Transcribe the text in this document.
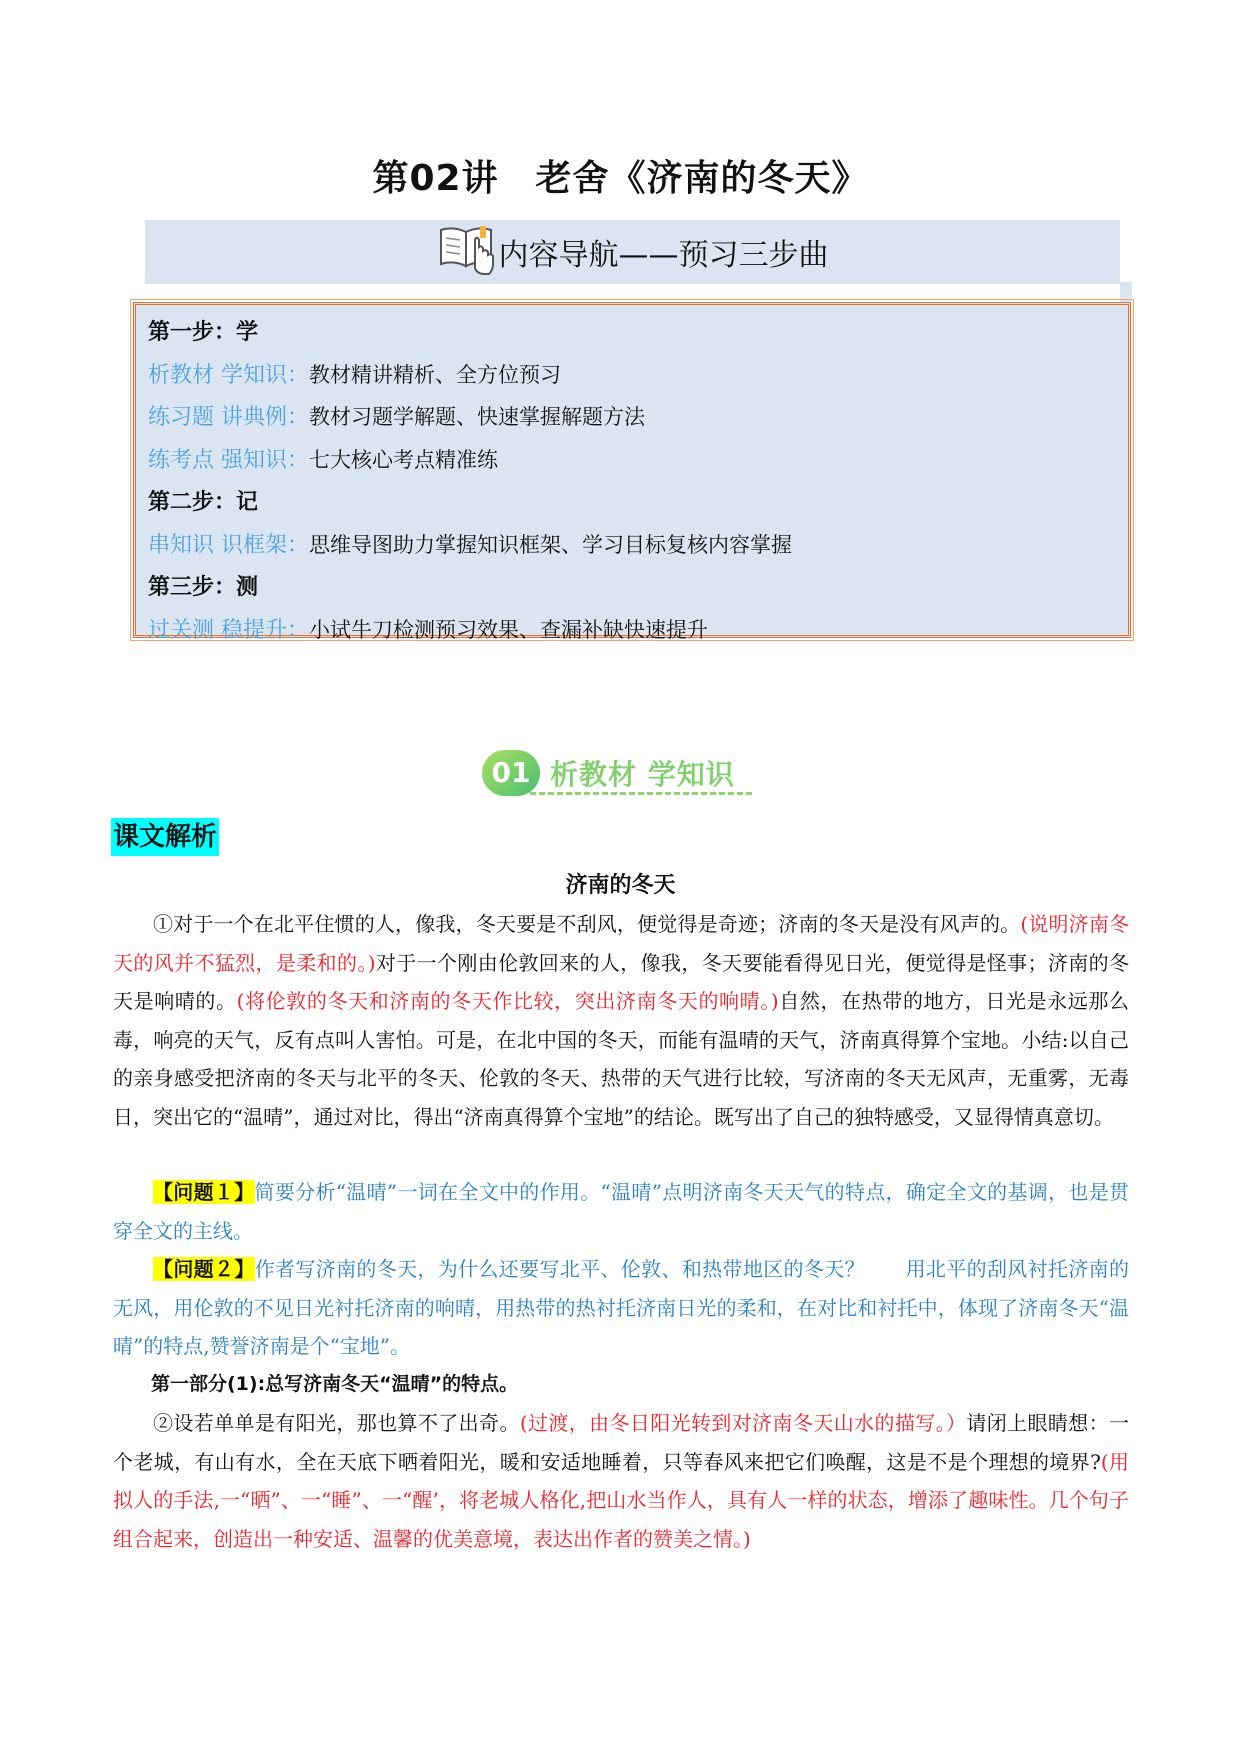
第02讲　老舍《济南的冬天》
内容导航——预习三步曲
第一步：学
析教材 学知识：教材精讲精析、全方位预习
练习题 讲典例：教材习题学解题、快速掌握解题方法
练考点 强知识：七大核心考点精准练
第二步：记
串知识 识框架：思维导图助力掌握知识框架、学习目标复核内容掌握
第三步：测
过关测 稳提升：小试牛刀检测预习效果、查漏补缺快速提升
01 析教材 学知识
课文解析
济南的冬天

①对于一个在北平住惯的人，像我，冬天要是不刮风，便觉得是奇迹；济南的冬天是没有风声的。(说明济南冬天的风并不猛烈，是柔和的。)对于一个刚由伦敦回来的人，像我，冬天要能看得见日光，便觉得是怪事；济南的冬天是响晴的。(将伦敦的冬天和济南的冬天作比较，突出济南冬天的响晴。)自然，在热带的地方，日光是永远那么毒，响亮的天气，反有点叫人害怕。可是，在北中国的冬天，而能有温晴的天气，济南真得算个宝地。小结:以自己的亲身感受把济南的冬天与北平的冬天、伦敦的冬天、热带的天气进行比较，写济南的冬天无风声，无重雾，无毒日，突出它的“温晴”，通过对比，得出“济南真得算个宝地”的结论。既写出了自己的独特感受，又显得情真意切。

【问题１】简要分析“温晴”一词在全文中的作用。“温晴”点明济南冬天天气的特点，确定全文的基调，也是贯穿全文的主线。

【问题２】作者写济南的冬天，为什么还要写北平、伦敦、和热带地区的冬天？　　用北平的刮风衬托济南的无风，用伦敦的不见日光衬托济南的响晴，用热带的热衬托济南日光的柔和，在对比和衬托中，体现了济南冬天“温晴”的特点,赞誉济南是个“宝地”。

第一部分(1):总写济南冬天“温晴”的特点。

②设若单单是有阳光，那也算不了出奇。(过渡，由冬日阳光转到对济南冬天山水的描写。）请闭上眼睛想：一个老城，有山有水，全在天底下晒着阳光，暖和安适地睡着，只等春风来把它们唤醒，这是不是个理想的境界?(用拟人的手法,一“晒”、一“睡”、一“醒’，将老城人格化,把山水当作人，具有人一样的状态，增添了趣味性。几个句子组合起来，创造出一种安适、温馨的优美意境，表达出作者的赞美之情。)
